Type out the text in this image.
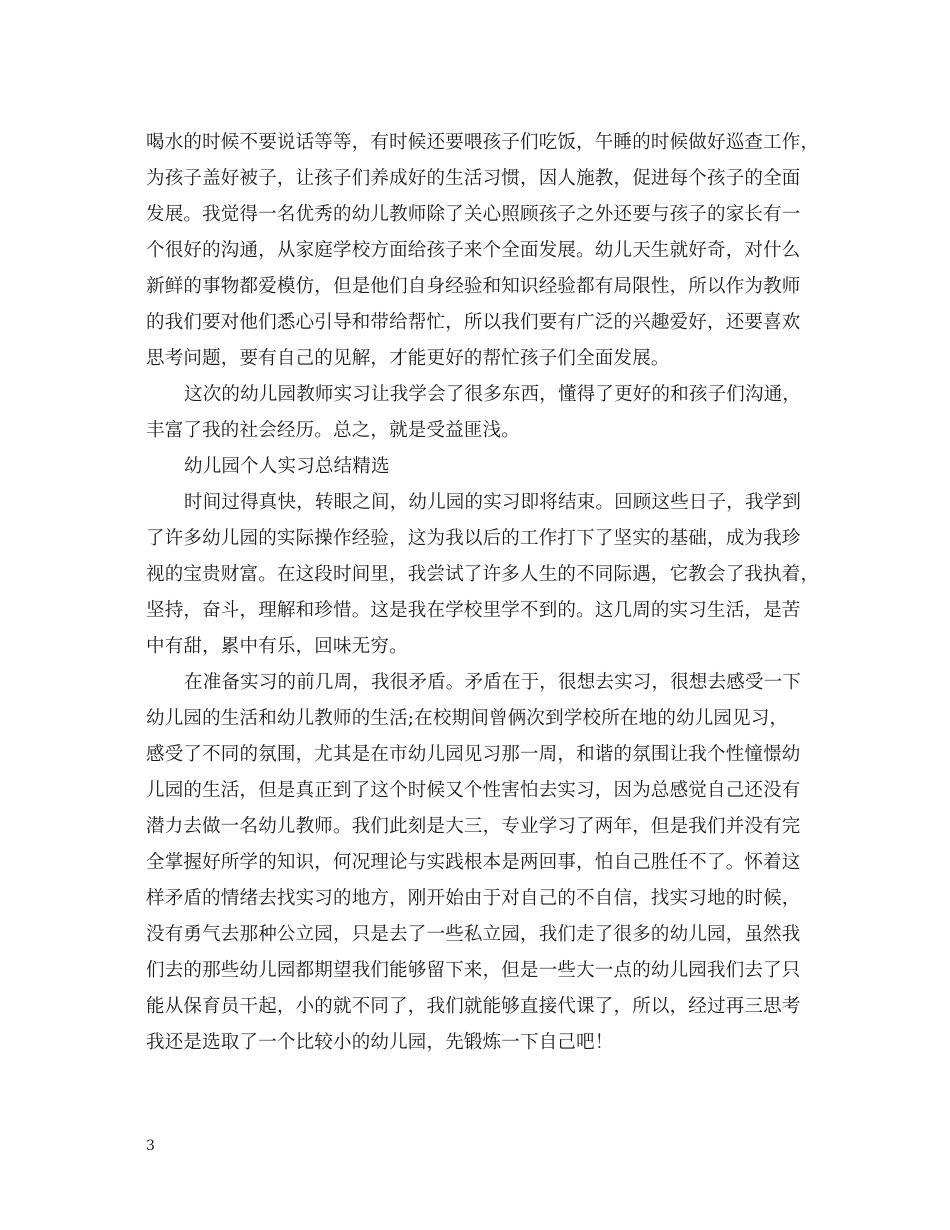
喝水的时候不要说话等等，有时候还要喂孩子们吃饭，午睡的时候做好巡查工作，
为孩子盖好被子，让孩子们养成好的生活习惯，因人施教，促进每个孩子的全面
发展。我觉得一名优秀的幼儿教师除了关心照顾孩子之外还要与孩子的家长有一
个很好的沟通，从家庭学校方面给孩子来个全面发展。幼儿天生就好奇，对什么
新鲜的事物都爱模仿，但是他们自身经验和知识经验都有局限性，所以作为教师
的我们要对他们悉心引导和带给帮忙，所以我们要有广泛的兴趣爱好，还要喜欢
思考问题，要有自己的见解，才能更好的帮忙孩子们全面发展。
这次的幼儿园教师实习让我学会了很多东西，懂得了更好的和孩子们沟通，
丰富了我的社会经历。总之，就是受益匪浅。
幼儿园个人实习总结精选
时间过得真快，转眼之间，幼儿园的实习即将结束。回顾这些日子，我学到
了许多幼儿园的实际操作经验，这为我以后的工作打下了坚实的基础，成为我珍
视的宝贵财富。在这段时间里，我尝试了许多人生的不同际遇，它教会了我执着，
坚持，奋斗，理解和珍惜。这是我在学校里学不到的。这几周的实习生活，是苦
中有甜，累中有乐，回味无穷。
在准备实习的前几周，我很矛盾。矛盾在于，很想去实习，很想去感受一下
幼儿园的生活和幼儿教师的生活;在校期间曾俩次到学校所在地的幼儿园见习，
感受了不同的氛围，尤其是在市幼儿园见习那一周，和谐的氛围让我个性憧憬幼
儿园的生活，但是真正到了这个时候又个性害怕去实习，因为总感觉自己还没有
潜力去做一名幼儿教师。我们此刻是大三，专业学习了两年，但是我们并没有完
全掌握好所学的知识，何况理论与实践根本是两回事，怕自己胜任不了。怀着这
样矛盾的情绪去找实习的地方，刚开始由于对自己的不自信，找实习地的时候，
没有勇气去那种公立园，只是去了一些私立园，我们走了很多的幼儿园，虽然我
们去的那些幼儿园都期望我们能够留下来，但是一些大一点的幼儿园我们去了只
能从保育员干起，小的就不同了，我们就能够直接代课了，所以，经过再三思考
我还是选取了一个比较小的幼儿园，先锻炼一下自己吧！
3
